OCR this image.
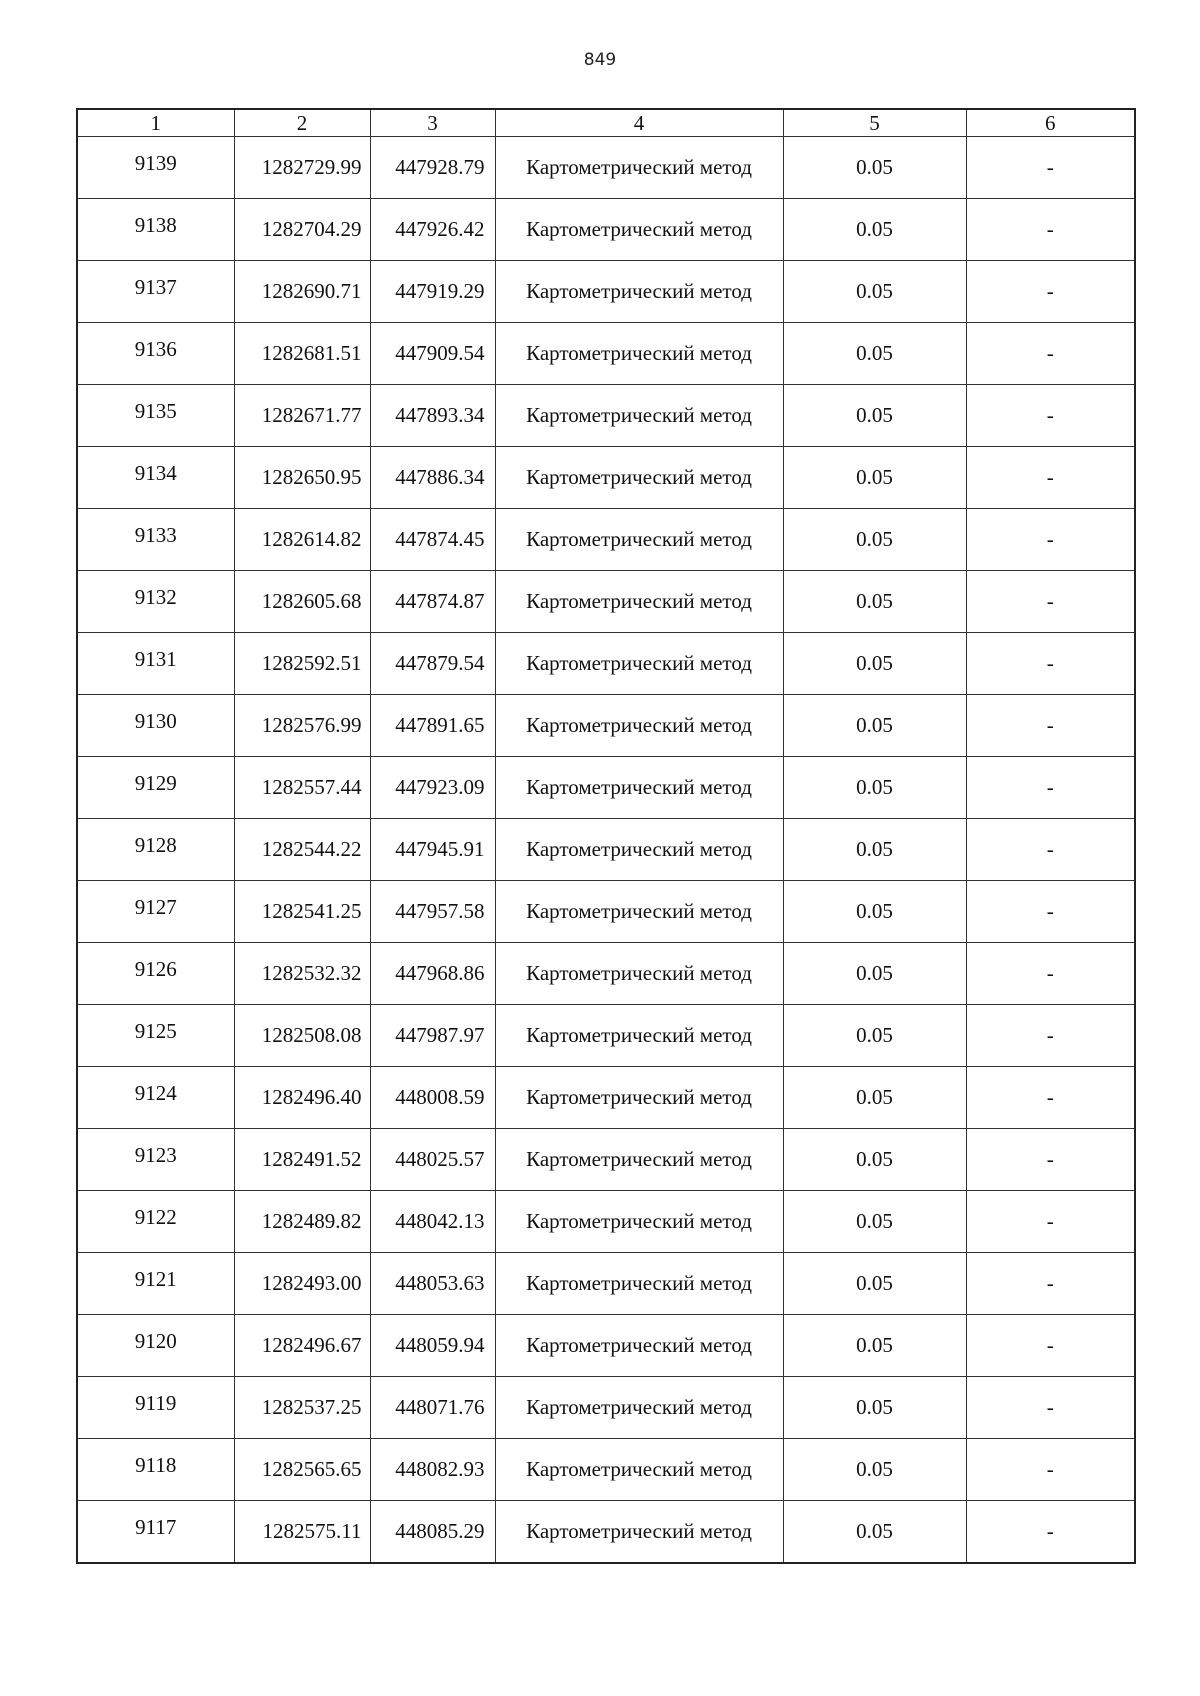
849
1	2	3	4	5	6
9139	1282729.99	447928.79	Картометрический метод	0.05	-
9138	1282704.29	447926.42	Картометрический метод	0.05	-
9137	1282690.71	447919.29	Картометрический метод	0.05	-
9136	1282681.51	447909.54	Картометрический метод	0.05	-
9135	1282671.77	447893.34	Картометрический метод	0.05	-
9134	1282650.95	447886.34	Картометрический метод	0.05	-
9133	1282614.82	447874.45	Картометрический метод	0.05	-
9132	1282605.68	447874.87	Картометрический метод	0.05	-
9131	1282592.51	447879.54	Картометрический метод	0.05	-
9130	1282576.99	447891.65	Картометрический метод	0.05	-
9129	1282557.44	447923.09	Картометрический метод	0.05	-
9128	1282544.22	447945.91	Картометрический метод	0.05	-
9127	1282541.25	447957.58	Картометрический метод	0.05	-
9126	1282532.32	447968.86	Картометрический метод	0.05	-
9125	1282508.08	447987.97	Картометрический метод	0.05	-
9124	1282496.40	448008.59	Картометрический метод	0.05	-
9123	1282491.52	448025.57	Картометрический метод	0.05	-
9122	1282489.82	448042.13	Картометрический метод	0.05	-
9121	1282493.00	448053.63	Картометрический метод	0.05	-
9120	1282496.67	448059.94	Картометрический метод	0.05	-
9119	1282537.25	448071.76	Картометрический метод	0.05	-
9118	1282565.65	448082.93	Картометрический метод	0.05	-
9117	1282575.11	448085.29	Картометрический метод	0.05	-
